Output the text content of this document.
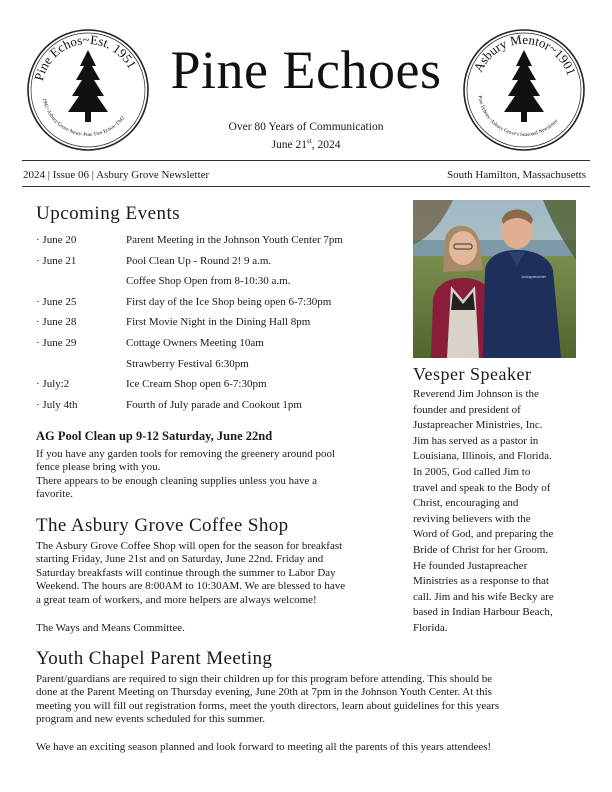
Pine Echos~Est. 1951
1941~Asbury Grove News~Pine Tree Echos~1942
Pine Echoes
Over 80 Years of Communication
June 21st, 2024
Asbury Mentor~1901
Pine Echoes~Asbury Grove's Seasonal Newsletter
2024 | Issue 06 | Asbury Grove Newsletter	South Hamilton, Massachusetts
Upcoming Events
· June 20	Parent Meeting in the Johnson Youth Center 7pm
· June 21	Pool Clean Up - Round 2! 9 a.m.
Coffee Shop Open from 8-10:30 a.m.
· June 25	First day of the Ice Shop being open 6-7:30pm
· June 28	First Movie Night in the Dining Hall 8pm
· June 29	Cottage Owners Meeting 10am
Strawberry Festival 6:30pm
· July:2	Ice Cream Shop open 6-7:30pm
· July 4th	Fourth of July parade and Cookout 1pm
AG Pool Clean up 9-12 Saturday, June 22nd
If you have any garden tools for removing the greenery around pool
fence please bring with you.
There appears to be enough cleaning supplies unless you have a
favorite.
The Asbury Grove Coffee Shop
The Asbury Grove Coffee Shop will open for the season for breakfast
starting Friday, June 21st and on Saturday, June 22nd. Friday and
Saturday breakfasts will continue through the summer to Labor Day
Weekend. The hours are 8:00AM to 10:30AM. We are blessed to have
a great team of workers, and more helpers are always welcome!
The Ways and Means Committee.
Justapreacher
Vesper Speaker
Reverend Jim Johnson is the
founder and president of
Justapreacher Ministries, Inc.
Jim has served as a pastor in
Louisiana, Illinois, and Florida.
In 2005, God called Jim to
travel and speak to the Body of
Christ, encouraging and
reviving believers with the
Word of God, and preparing the
Bride of Christ for her Groom.
He founded Justapreacher
Ministries as a response to that
call. Jim and his wife Becky are
based in Indian Harbour Beach,
Florida.
Youth Chapel Parent Meeting
Parent/guardians are required to sign their children up for this program before attending. This should be
done at the Parent Meeting on Thursday evening, June 20th at 7pm in the Johnson Youth Center. At this
meeting you will fill out registration forms, meet the youth directors, learn about guidelines for this years
program and new events scheduled for this summer.
We have an exciting season planned and look forward to meeting all the parents of this years attendees!
